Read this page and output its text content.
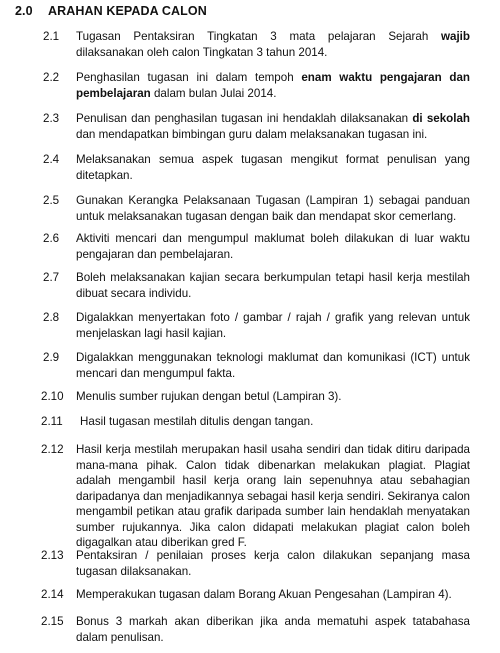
2.0 ARAHAN KEPADA CALON
2.1 Tugasan Pentaksiran Tingkatan 3 mata pelajaran Sejarah wajib dilaksanakan oleh calon Tingkatan 3 tahun 2014.
2.2 Penghasilan tugasan ini dalam tempoh enam waktu pengajaran dan pembelajaran dalam bulan Julai 2014.
2.3 Penulisan dan penghasilan tugasan ini hendaklah dilaksanakan di sekolah dan mendapatkan bimbingan guru dalam melaksanakan tugasan ini.
2.4 Melaksanakan semua aspek tugasan mengikut format penulisan yang ditetapkan.
2.5 Gunakan Kerangka Pelaksanaan Tugasan (Lampiran 1) sebagai panduan untuk melaksanakan tugasan dengan baik dan mendapat skor cemerlang.
2.6 Aktiviti mencari dan mengumpul maklumat boleh dilakukan di luar waktu pengajaran dan pembelajaran.
2.7 Boleh melaksanakan kajian secara berkumpulan tetapi hasil kerja mestilah dibuat secara individu.
2.8 Digalakkan menyertakan foto / gambar / rajah / grafik yang relevan untuk menjelaskan lagi hasil kajian.
2.9 Digalakkan menggunakan teknologi maklumat dan komunikasi (ICT) untuk mencari dan mengumpul fakta.
2.10 Menulis sumber rujukan dengan betul (Lampiran 3).
2.11 Hasil tugasan mestilah ditulis dengan tangan.
2.12 Hasil kerja mestilah merupakan hasil usaha sendiri dan tidak ditiru daripada mana-mana pihak. Calon tidak dibenarkan melakukan plagiat. Plagiat adalah mengambil hasil kerja orang lain sepenuhnya atau sebahagian daripadanya dan menjadikannya sebagai hasil kerja sendiri. Sekiranya calon mengambil petikan atau grafik daripada sumber lain hendaklah menyatakan sumber rujukannya. Jika calon didapati melakukan plagiat calon boleh digagalkan atau diberikan gred F.
2.13 Pentaksiran / penilaian proses kerja calon dilakukan sepanjang masa tugasan dilaksanakan.
2.14 Memperakukan tugasan dalam Borang Akuan Pengesahan (Lampiran 4).
2.15 Bonus 3 markah akan diberikan jika anda mematuhi aspek tatabahasa dalam penulisan.
